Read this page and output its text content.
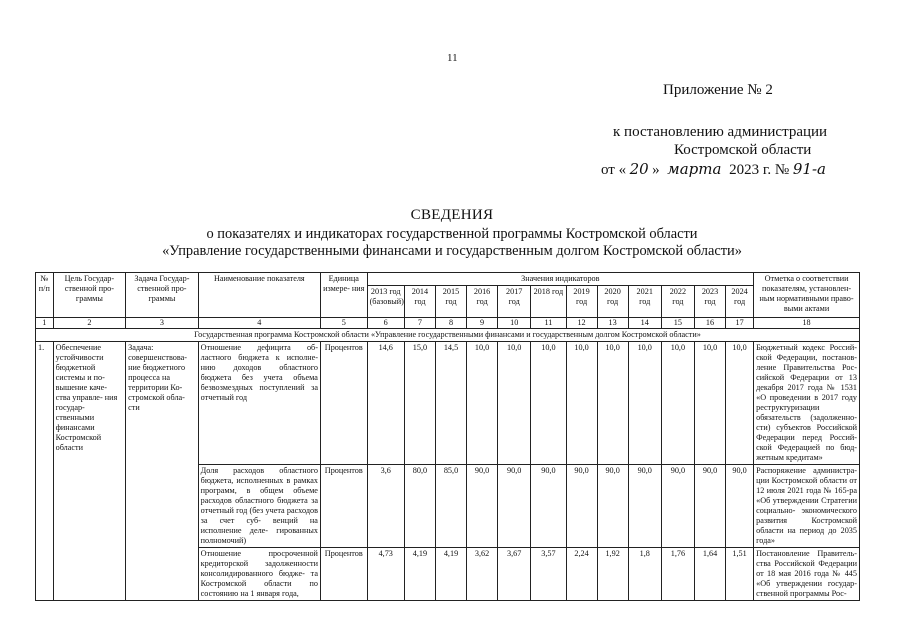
11
Приложение № 2
к постановлению администрации
Костромской области
от « 20 » марта 2023 г. № 91-а
СВЕДЕНИЯ
о показателях и индикаторах государственной программы Костромской области
«Управление государственными финансами и государственным долгом Костромской области»
№ п/п	Цель Государ- ственной про- граммы	Задача Государ- ственной про- граммы	Наименование показателя	Единица измере- ния	Значения индикаторов												Отметка о соответствии показателям, установлен- ным нормативными право- выми актами
					2013 год (базовый)	2014 год	2015 год	2016 год	2017 год	2018 год	2019 год	2020 год	2021 год	2022 год	2023 год	2024 год	
1	2	3	4	5	6	7	8	9	10	11	12	13	14	15	16	17	18
Государственная программа Костромской области «Управление государственными финансами и государственным долгом Костромской области»																	
1.	Обеспечение устойчивости бюджетной системы и по- вышение каче- ства управле- ния государ- ственными финансами Костромской области	Задача: совершенствова- ние бюджетного процесса на территории Ко- стромской обла- сти	Отношение дефицита об- ластного бюджета к исполне- нию доходов областного бюджета без учета объема безвозмездных поступлений за отчетный год	Процентов	14,6	15,0	14,5	10,0	10,0	10,0	10,0	10,0	10,0	10,0	10,0	10,0	Бюджетный кодекс Россий- ской Федерации, постанов- ление Правительства Рос- сийской Федерации от 13 декабря 2017 года № 1531 «О проведении в 2017 году реструктуризации обязательств (задолженно- сти) субъектов Российской Федерации перед Россий- ской Федерацией по бюд- жетным кредитам»
			Доля расходов областного бюджета, исполненных в рамках программ, в общем объеме расходов областного бюджета за отчетный год (без учета расходов за счет суб- венций на исполнение деле- гированных полномочий)	Процентов	3,6	80,0	85,0	90,0	90,0	90,0	90,0	90,0	90,0	90,0	90,0	90,0	Распоряжение администра- ции Костромской области от 12 июля 2021 года № 165-ра «Об утверждении Стратегии социально- экономического развития Костромской области на период до 2035 года»
			Отношение просроченной кредиторской задолженности консолидированного бюдже- та Костромской области по состоянию на 1 января года,	Процентов	4,73	4,19	4,19	3,62	3,67	3,57	2,24	1,92	1,8	1,76	1,64	1,51	Постановление Правитель- ства Российской Федерации от 18 мая 2016 года № 445 «Об утверждении государ- ственной программы Рос-
